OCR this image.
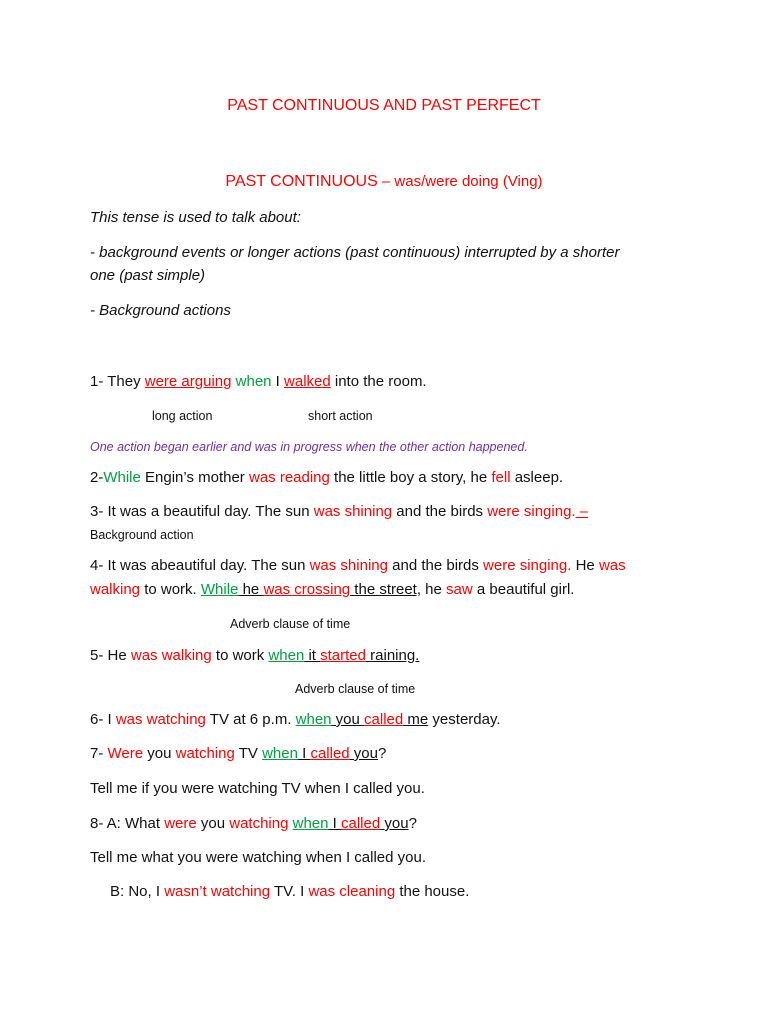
PAST CONTINUOUS AND PAST PERFECT
PAST CONTINUOUS – was/were doing (Ving)
This tense is used to talk about:
- background events or longer actions (past continuous) interrupted by a shorter
one (past simple)
- Background actions
1- They were arguing when I walked into the room.
long action	short action
One action began earlier and was in progress when the other action happened.
2-While Engin’s mother was reading the little boy a story, he fell asleep.
3- It was a beautiful day. The sun was shining and the birds were singing. –
Background action
4- It was abeautiful day. The sun was shining and the birds were singing. He was
walking to work. While he was crossing the street, he saw a beautiful girl.
Adverb clause of time
5- He was walking to work when it started raining.
Adverb clause of time
6- I was watching TV at 6 p.m. when you called me yesterday.
7- Were you watching TV when I called you?
Tell me if you were watching TV when I called you.
8- A: What were you watching when I called you?
Tell me what you were watching when I called you.
B: No, I wasn’t watching TV. I was cleaning the house.
